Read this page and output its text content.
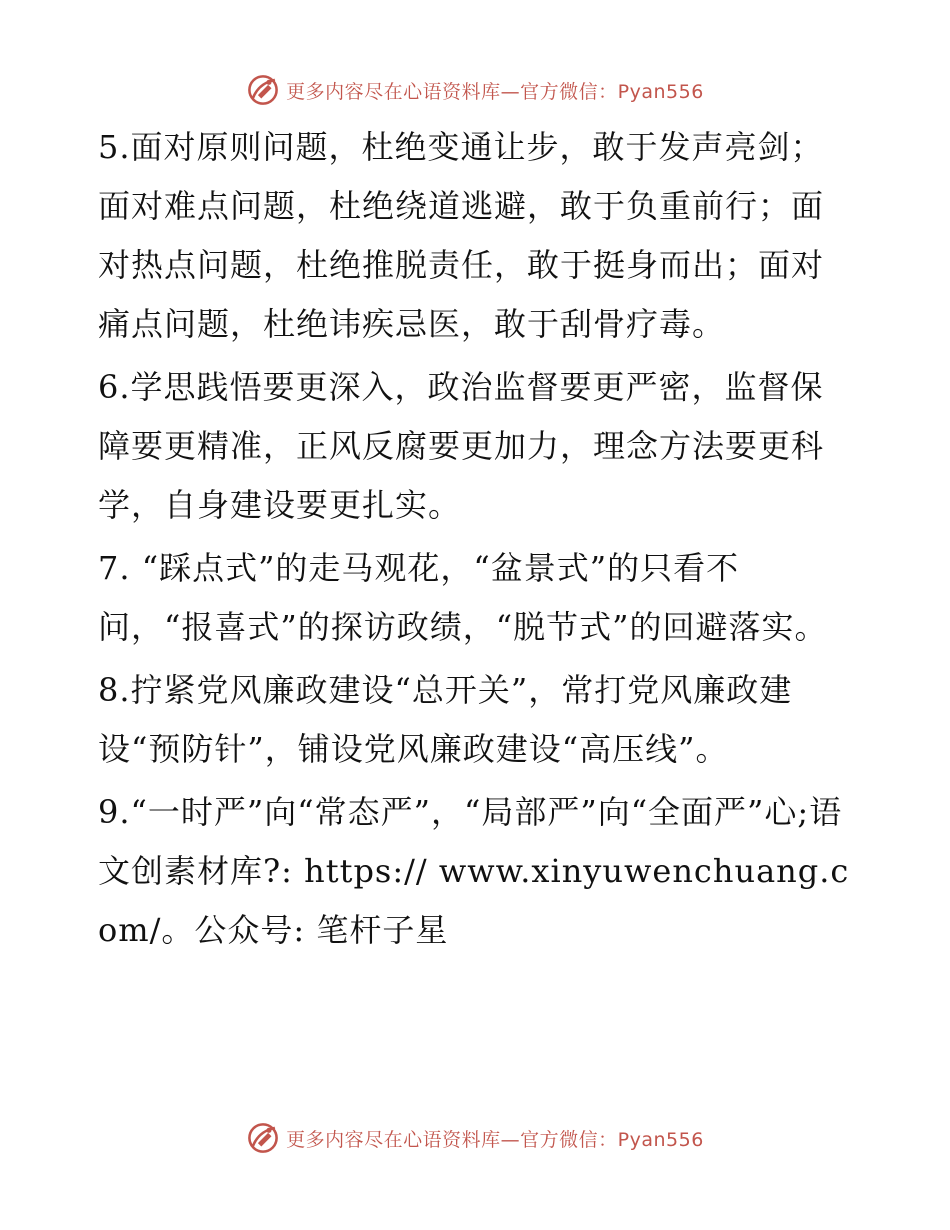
更多内容尽在心语资料库—官方微信：Pyan556

5.面对原则问题，杜绝变通让步，敢于发声亮剑；面对难点问题，杜绝绕道逃避，敢于负重前行；面对热点问题，杜绝推脱责任，敢于挺身而出；面对痛点问题，杜绝讳疾忌医，敢于刮骨疗毒。

6.学思践悟要更深入，政治监督要更严密，监督保障要更精准，正风反腐要更加力，理念方法要更科学，自身建设要更扎实。

7. “踩点式”的走马观花，“盆景式”的只看不问，“报喜式”的探访政绩，“脱节式”的回避落实。

8.拧紧党风廉政建设“总开关”，常打党风廉政建设“预防针”，铺设党风廉政建设“高压线”。

9.“一时严”向“常态严”，“局部严”向“全面严”心;语文创素材库?: https:// www.xinyuwenchuang.com/。公众号: 笔杆子星

更多内容尽在心语资料库—官方微信：Pyan556
